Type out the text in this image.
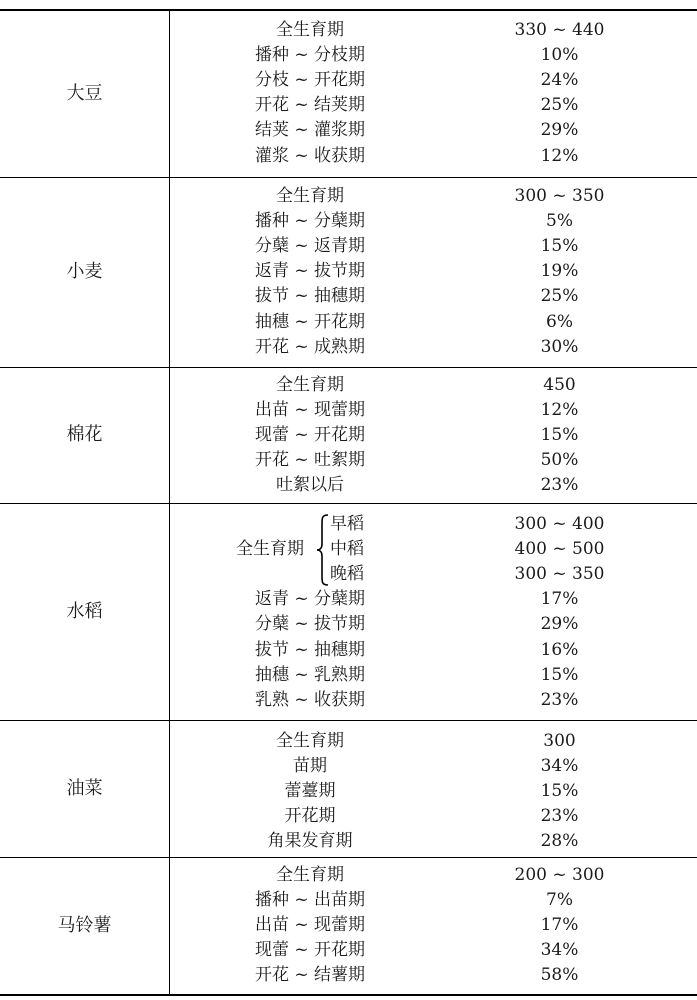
大豆
全生育期	330 ~ 440
播种 ~ 分枝期	10%
分枝 ~ 开花期	24%
开花 ~ 结荚期	25%
结荚 ~ 灌浆期	29%
灌浆 ~ 收获期	12%
小麦
全生育期	300 ~ 350
播种 ~ 分蘖期	5%
分蘖 ~ 返青期	15%
返青 ~ 拔节期	19%
拔节 ~ 抽穗期	25%
抽穗 ~ 开花期	6%
开花 ~ 成熟期	30%
棉花
全生育期	450
出苗 ~ 现蕾期	12%
现蕾 ~ 开花期	15%
开花 ~ 吐絮期	50%
吐絮以后	23%
水稻
全生育期
早稻	300 ~ 400
中稻	400 ~ 500
晚稻	300 ~ 350
返青 ~ 分蘖期	17%
分蘖 ~ 拔节期	29%
拔节 ~ 抽穗期	16%
抽穗 ~ 乳熟期	15%
乳熟 ~ 收获期	23%
油菜
全生育期	300
苗期	34%
蕾薹期	15%
开花期	23%
角果发育期	28%
马铃薯
全生育期	200 ~ 300
播种 ~ 出苗期	7%
出苗 ~ 现蕾期	17%
现蕾 ~ 开花期	34%
开花 ~ 结薯期	58%
